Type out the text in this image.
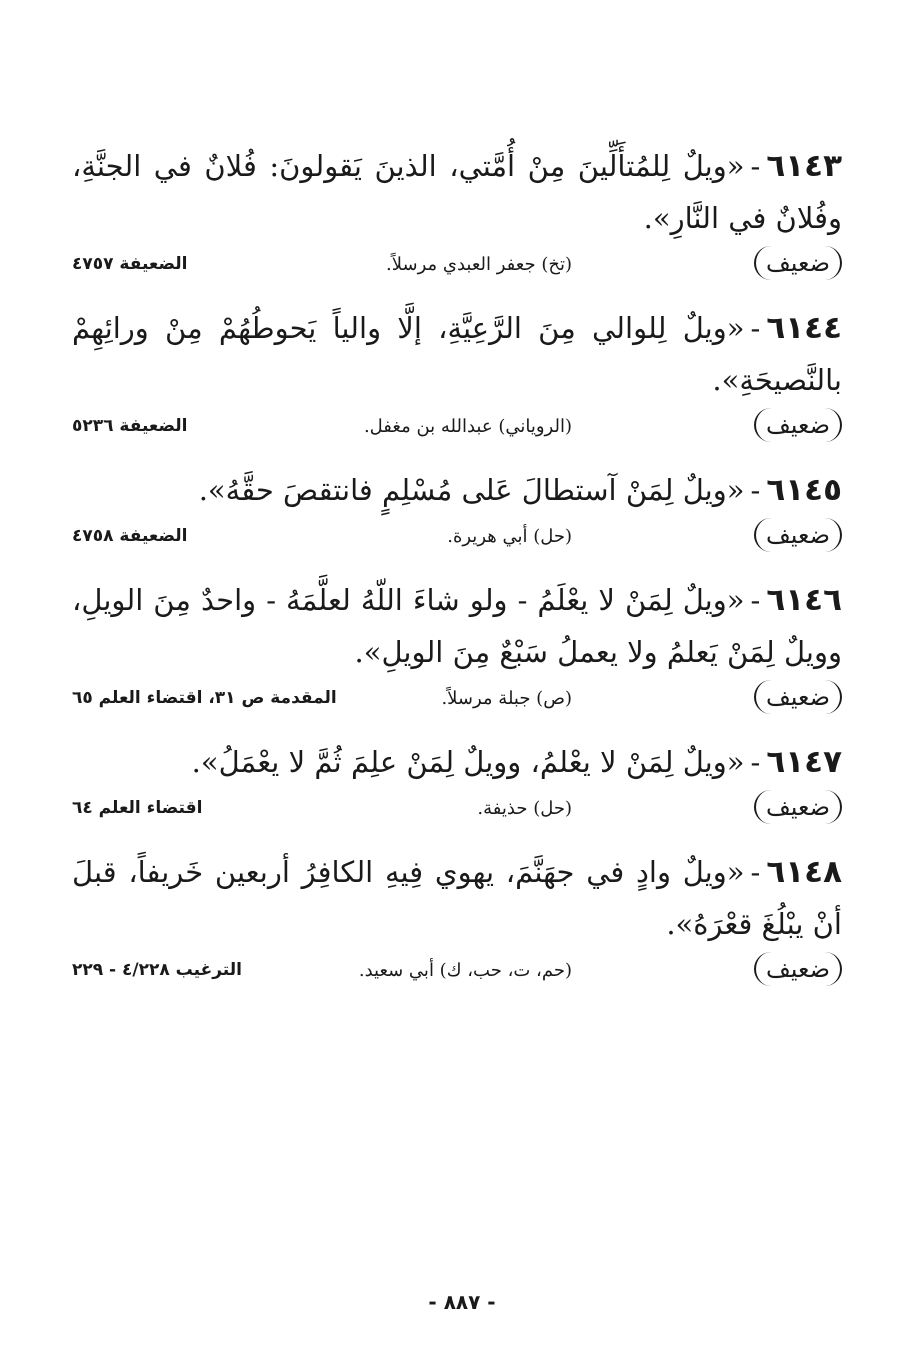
٦١٤٣-«ويلٌ لِلمُتأَلِّينَ مِنْ أُمَّتي، الذينَ يَقولونَ: فُلانٌ في الجنَّةِ، وفُلانٌ في النَّارِ».

ضعيف
(تخ) جعفر العبدي مرسلاً.
الضعيفة ٤٧٥٧

٦١٤٤-«ويلٌ لِلوالي مِنَ الرَّعِيَّةِ، إلَّا والياً يَحوطُهُمْ مِنْ ورائِهِمْ بالنَّصيحَةِ».

ضعيف
(الروياني) عبدالله بن مغفل.
الضعيفة ٥٢٣٦

٦١٤٥-«ويلٌ لِمَنْ آستطالَ عَلى مُسْلِمٍ فانتقصَ حقَّهُ».

ضعيف
(حل) أبي هريرة.
الضعيفة ٤٧٥٨

٦١٤٦-«ويلٌ لِمَنْ لا يعْلَمُ - ولو شاءَ اللّهُ لعلَّمَهُ - واحدٌ مِنَ الويلِ، وويلٌ لِمَنْ يَعلمُ ولا يعملُ سَبْعٌ مِنَ الويلِ».

ضعيف
(ص) جبلة مرسلاً.
المقدمة ص ٣١، اقتضاء العلم ٦٥

٦١٤٧-«ويلٌ لِمَنْ لا يعْلمُ، وويلٌ لِمَنْ علِمَ ثُمَّ لا يعْمَلُ».

ضعيف
(حل) حذيفة.
اقتضاء العلم ٦٤

٦١٤٨-«ويلٌ وادٍ في جهَنَّمَ، يهوي فِيهِ الكافِرُ أربعين خَريفاً، قبلَ أنْ يبْلُغَ قعْرَهُ».

ضعيف
(حم، ت، حب، ك) أبي سعيد.
الترغيب ٤/٢٢٨ - ٢٢٩
- ٨٨٧ -
